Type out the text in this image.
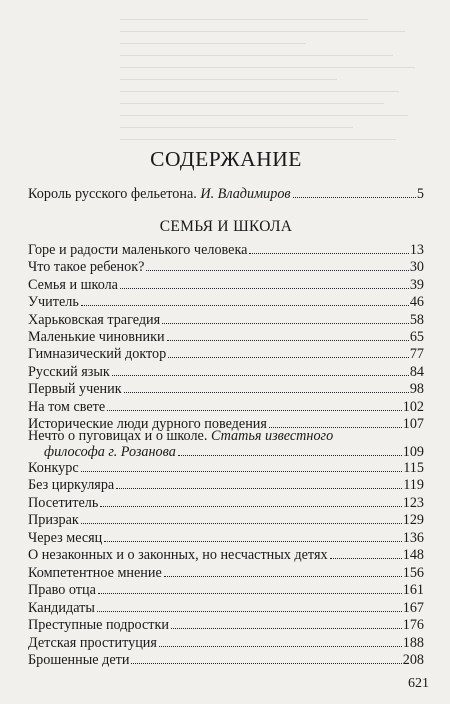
СОДЕРЖАНИЕ
Король русского фельетона. И. Владимиров	5
СЕМЬЯ И ШКОЛА
Горе и радости маленького человека	13
Что такое ребенок?	30
Семья и школа	39
Учитель	46
Харьковская трагедия	58
Маленькие чиновники	65
Гимназический доктор	77
Русский язык	84
Первый ученик	98
На том свете	102
Исторические люди дурного поведения	107
Нечто о пуговицах и о школе. Статья известного
философа г. Розанова	109
Конкурс	115
Без циркуляра	119
Посетитель	123
Призрак	129
Через месяц	136
О незаконных и о законных, но несчастных детях	148
Компетентное мнение	156
Право отца	161
Кандидаты	167
Преступные подростки	176
Детская проституция	188
Брошенные дети	208
621
